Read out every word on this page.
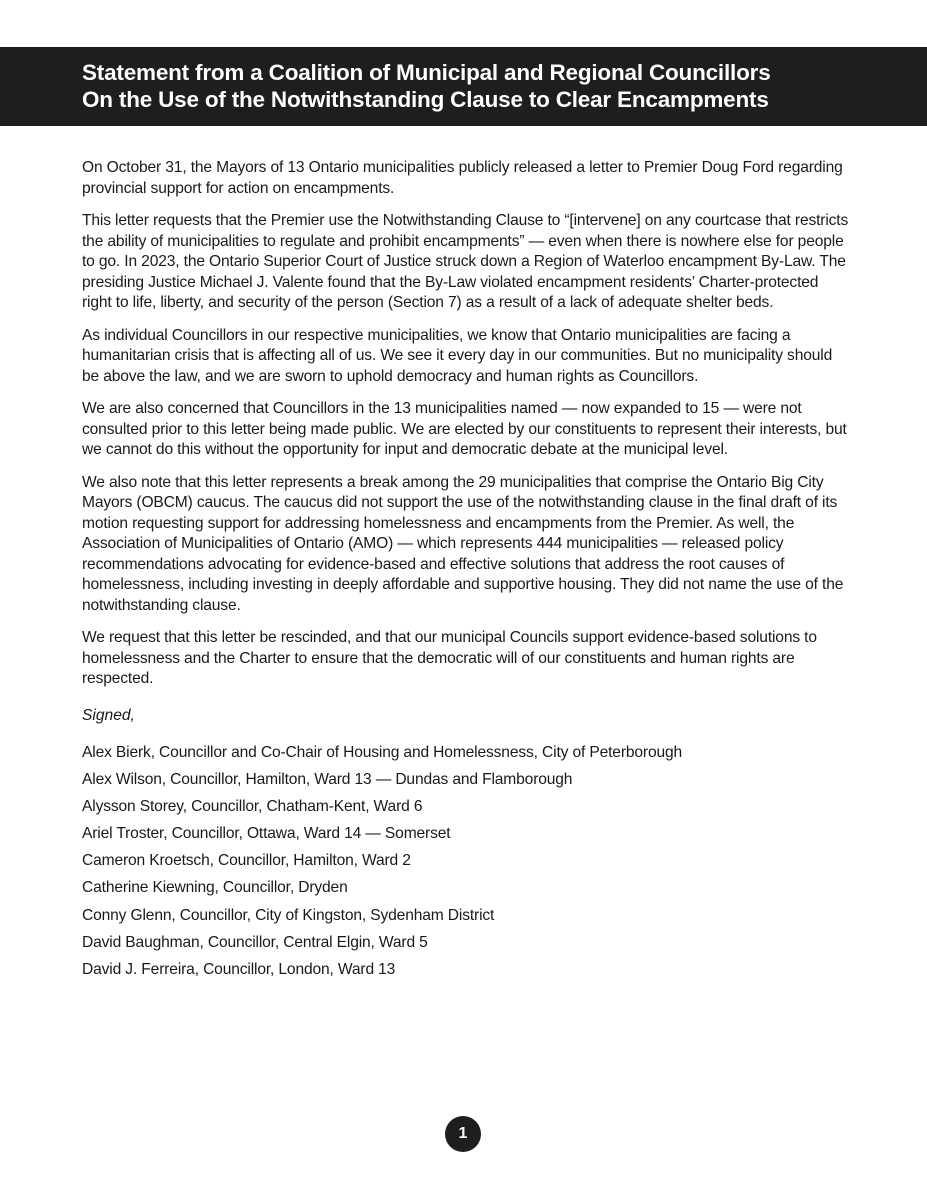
Statement from a Coalition of Municipal and Regional Councillors
On the Use of the Notwithstanding Clause to Clear Encampments

On October 31, the Mayors of 13 Ontario municipalities publicly released a letter to Premier Doug Ford regarding provincial support for action on encampments.

This letter requests that the Premier use the Notwithstanding Clause to “[intervene] on any courtcase that restricts the ability of municipalities to regulate and prohibit encampments” — even when there is nowhere else for people to go. In 2023, the Ontario Superior Court of Justice struck down a Region of Waterloo encampment By-Law. The presiding Justice Michael J. Valente found that the By-Law violated encampment residents’ Charter-protected right to life, liberty, and security of the person (Section 7) as a result of a lack of adequate shelter beds.

As individual Councillors in our respective municipalities, we know that Ontario municipalities are facing a humanitarian crisis that is affecting all of us. We see it every day in our communities. But no municipality should be above the law, and we are sworn to uphold democracy and human rights as Councillors.

We are also concerned that Councillors in the 13 municipalities named — now expanded to 15 — were not consulted prior to this letter being made public. We are elected by our constituents to represent their interests, but we cannot do this without the opportunity for input and democratic debate at the municipal level.

We also note that this letter represents a break among the 29 municipalities that comprise the Ontario Big City Mayors (OBCM) caucus. The caucus did not support the use of the notwithstanding clause in the final draft of its motion requesting support for addressing homelessness and encampments from the Premier. As well, the Association of Municipalities of Ontario (AMO) — which represents 444 municipalities — released policy recommendations advocating for evidence-based and effective solutions that address the root causes of homelessness, including investing in deeply affordable and supportive housing. They did not name the use of the notwithstanding clause.

We request that this letter be rescinded, and that our municipal Councils support evidence-based solutions to homelessness and the Charter to ensure that the democratic will of our constituents and human rights are respected.

Signed,

Alex Bierk, Councillor and Co-Chair of Housing and Homelessness, City of Peterborough
Alex Wilson, Councillor, Hamilton, Ward 13 — Dundas and Flamborough
Alysson Storey, Councillor, Chatham-Kent, Ward 6
Ariel Troster, Councillor, Ottawa, Ward 14 — Somerset
Cameron Kroetsch, Councillor, Hamilton, Ward 2
Catherine Kiewning, Councillor, Dryden
Conny Glenn, Councillor, City of Kingston, Sydenham District
David Baughman, Councillor, Central Elgin, Ward 5
David J. Ferreira, Councillor, London, Ward 13
1
